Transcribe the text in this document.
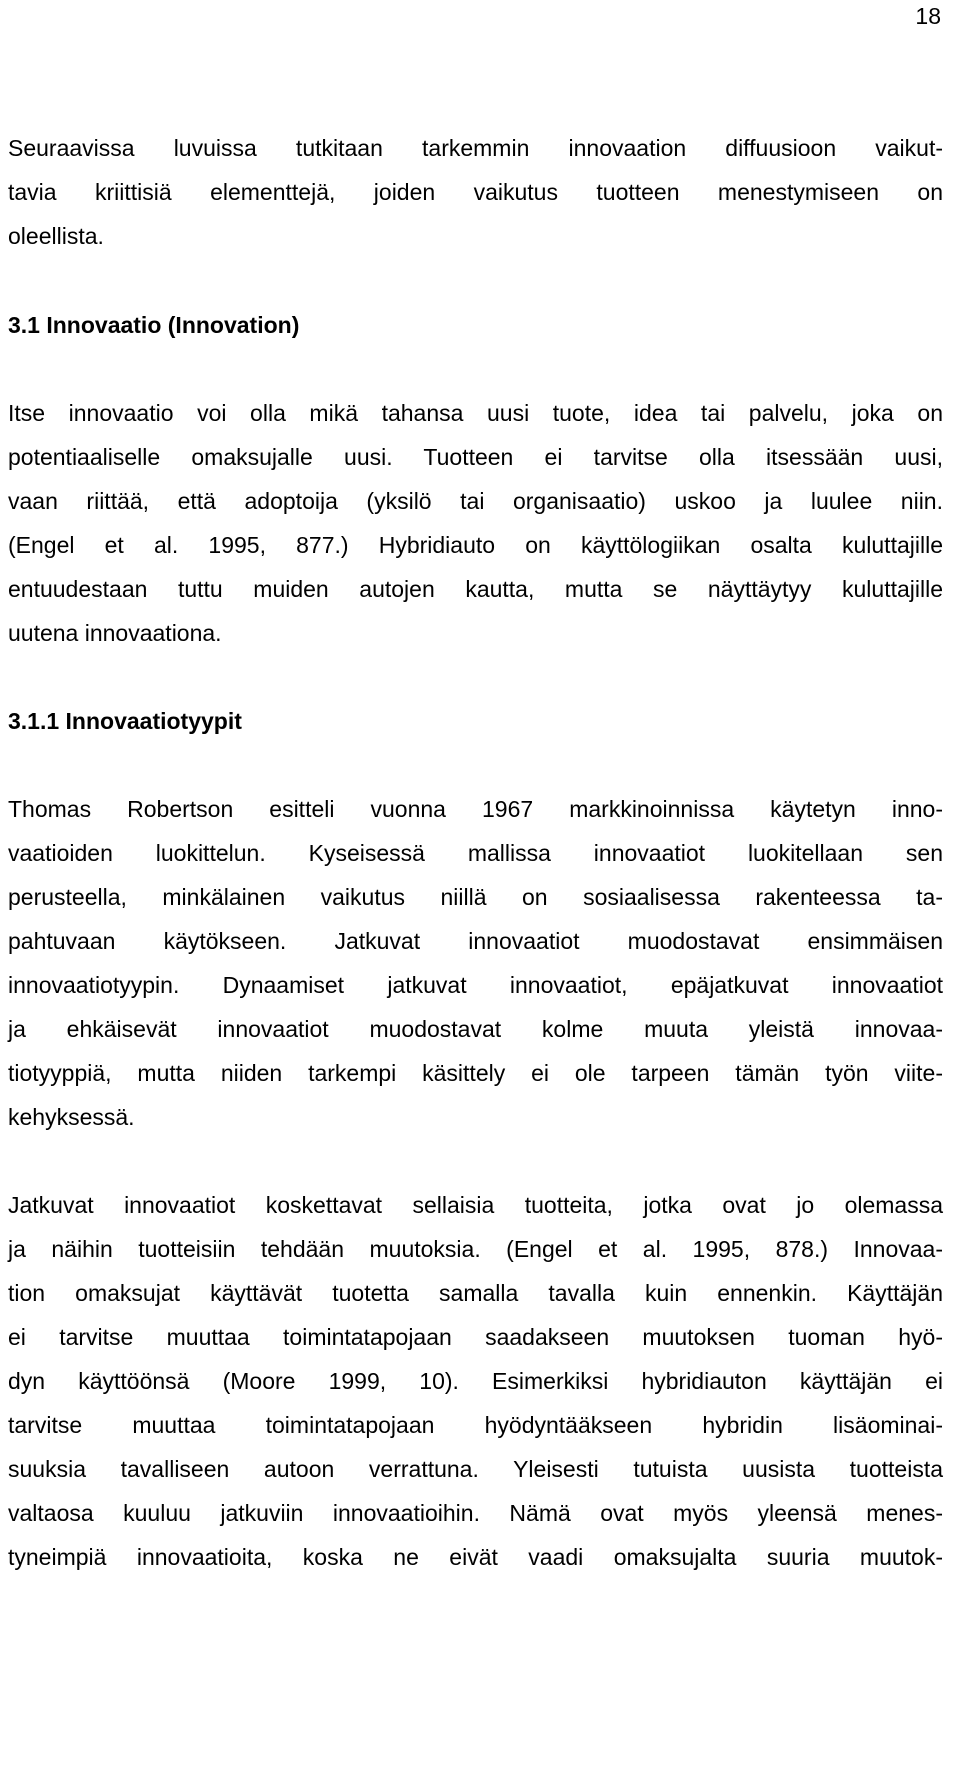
18
Seuraavissa luvuissa tutkitaan tarkemmin innovaation diffuusioon vaikut-
tavia kriittisiä elementtejä, joiden vaikutus tuotteen menestymiseen on
oleellista.
3.1 Innovaatio (Innovation)
Itse innovaatio voi olla mikä tahansa uusi tuote, idea tai palvelu, joka on
potentiaaliselle omaksujalle uusi. Tuotteen ei tarvitse olla itsessään uusi,
vaan riittää, että adoptoija (yksilö tai organisaatio) uskoo ja luulee niin.
(Engel et al. 1995, 877.) Hybridiauto on käyttölogiikan osalta kuluttajille
entuudestaan tuttu muiden autojen kautta, mutta se näyttäytyy kuluttajille
uutena innovaationa.
3.1.1 Innovaatiotyypit
Thomas Robertson esitteli vuonna 1967 markkinoinnissa käytetyn inno-
vaatioiden luokittelun. Kyseisessä mallissa innovaatiot luokitellaan sen
perusteella, minkälainen vaikutus niillä on sosiaalisessa rakenteessa ta-
pahtuvaan käytökseen. Jatkuvat innovaatiot muodostavat ensimmäisen
innovaatiotyypin. Dynaamiset jatkuvat innovaatiot, epäjatkuvat innovaatiot
ja ehkäisevät innovaatiot muodostavat kolme muuta yleistä innovaa-
tiotyyppiä, mutta niiden tarkempi käsittely ei ole tarpeen tämän työn viite-
kehyksessä.
Jatkuvat innovaatiot koskettavat sellaisia tuotteita, jotka ovat jo olemassa
ja näihin tuotteisiin tehdään muutoksia. (Engel et al. 1995, 878.) Innovaa-
tion omaksujat käyttävät tuotetta samalla tavalla kuin ennenkin. Käyttäjän
ei tarvitse muuttaa toimintatapojaan saadakseen muutoksen tuoman hyö-
dyn käyttöönsä (Moore 1999, 10). Esimerkiksi hybridiauton käyttäjän ei
tarvitse muuttaa toimintatapojaan hyödyntääkseen hybridin lisäominai-
suuksia tavalliseen autoon verrattuna. Yleisesti tutuista uusista tuotteista
valtaosa kuuluu jatkuviin innovaatioihin. Nämä ovat myös yleensä menes-
tyneimpiä innovaatioita, koska ne eivät vaadi omaksujalta suuria muutok-
